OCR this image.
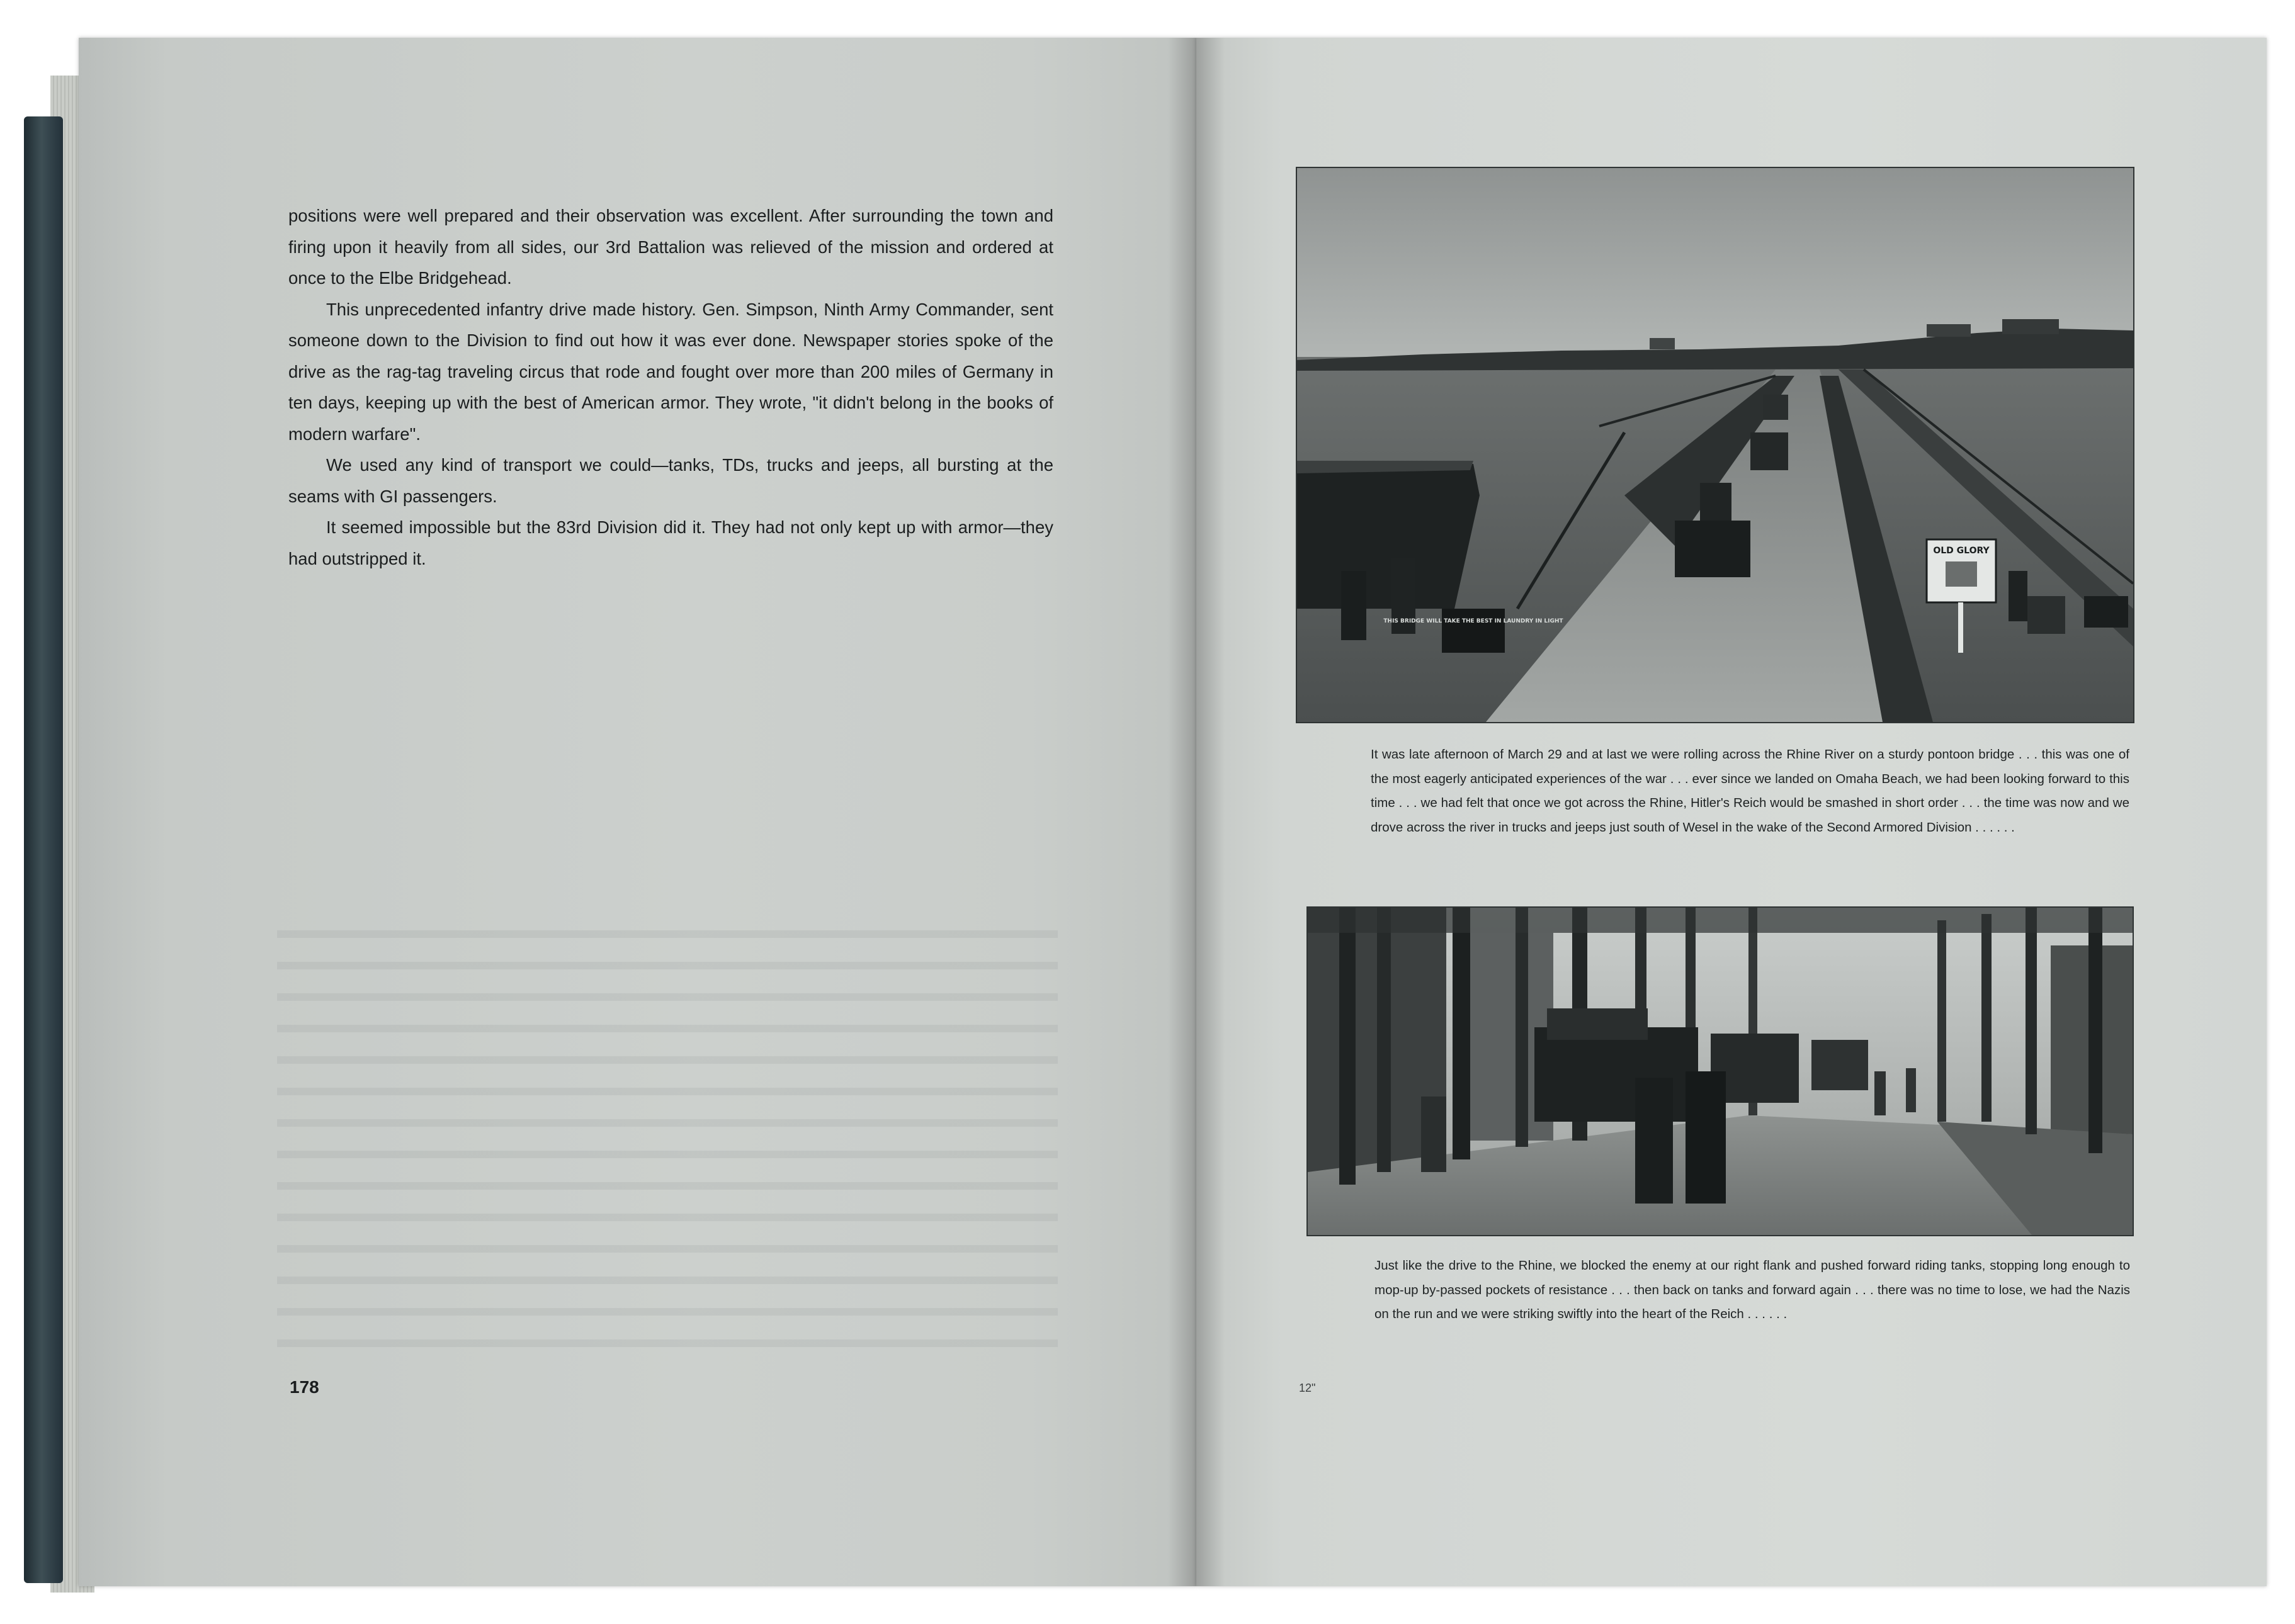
positions were well prepared and their observation was excellent. After surrounding the town and firing upon it heavily from all sides, our 3rd Battalion was relieved of the mission and ordered at once to the Elbe Bridgehead.

This unprecedented infantry drive made history. Gen. Simpson, Ninth Army Commander, sent someone down to the Division to find out how it was ever done. Newspaper stories spoke of the drive as the rag-tag traveling circus that rode and fought over more than 200 miles of Germany in ten days, keeping up with the best of American armor. They wrote, "it didn't belong in the books of modern warfare".

We used any kind of transport we could—tanks, TDs, trucks and jeeps, all bursting at the seams with GI passengers.

It seemed impossible but the 83rd Division did it. They had not only kept up with armor—they had outstripped it.

178
THIS BRIDGE WILL TAKE THE BEST IN LAUNDRY IN LIGHT
OLD GLORY
It was late afternoon of March 29 and at last we were rolling across the Rhine River on a sturdy pontoon bridge . . . this was one of the most eagerly anticipated experiences of the war . . . ever since we landed on Omaha Beach, we had been looking forward to this time . . . we had felt that once we got across the Rhine, Hitler's Reich would be smashed in short order . . . the time was now and we drove across the river in trucks and jeeps just south of Wesel in the wake of the Second Armored Division . . . . . .
Just like the drive to the Rhine, we blocked the enemy at our right flank and pushed forward riding tanks, stopping long enough to mop-up by-passed pockets of resistance . . . then back on tanks and forward again . . . there was no time to lose, we had the Nazis on the run and we were striking swiftly into the heart of the Reich . . . . . .
12"
